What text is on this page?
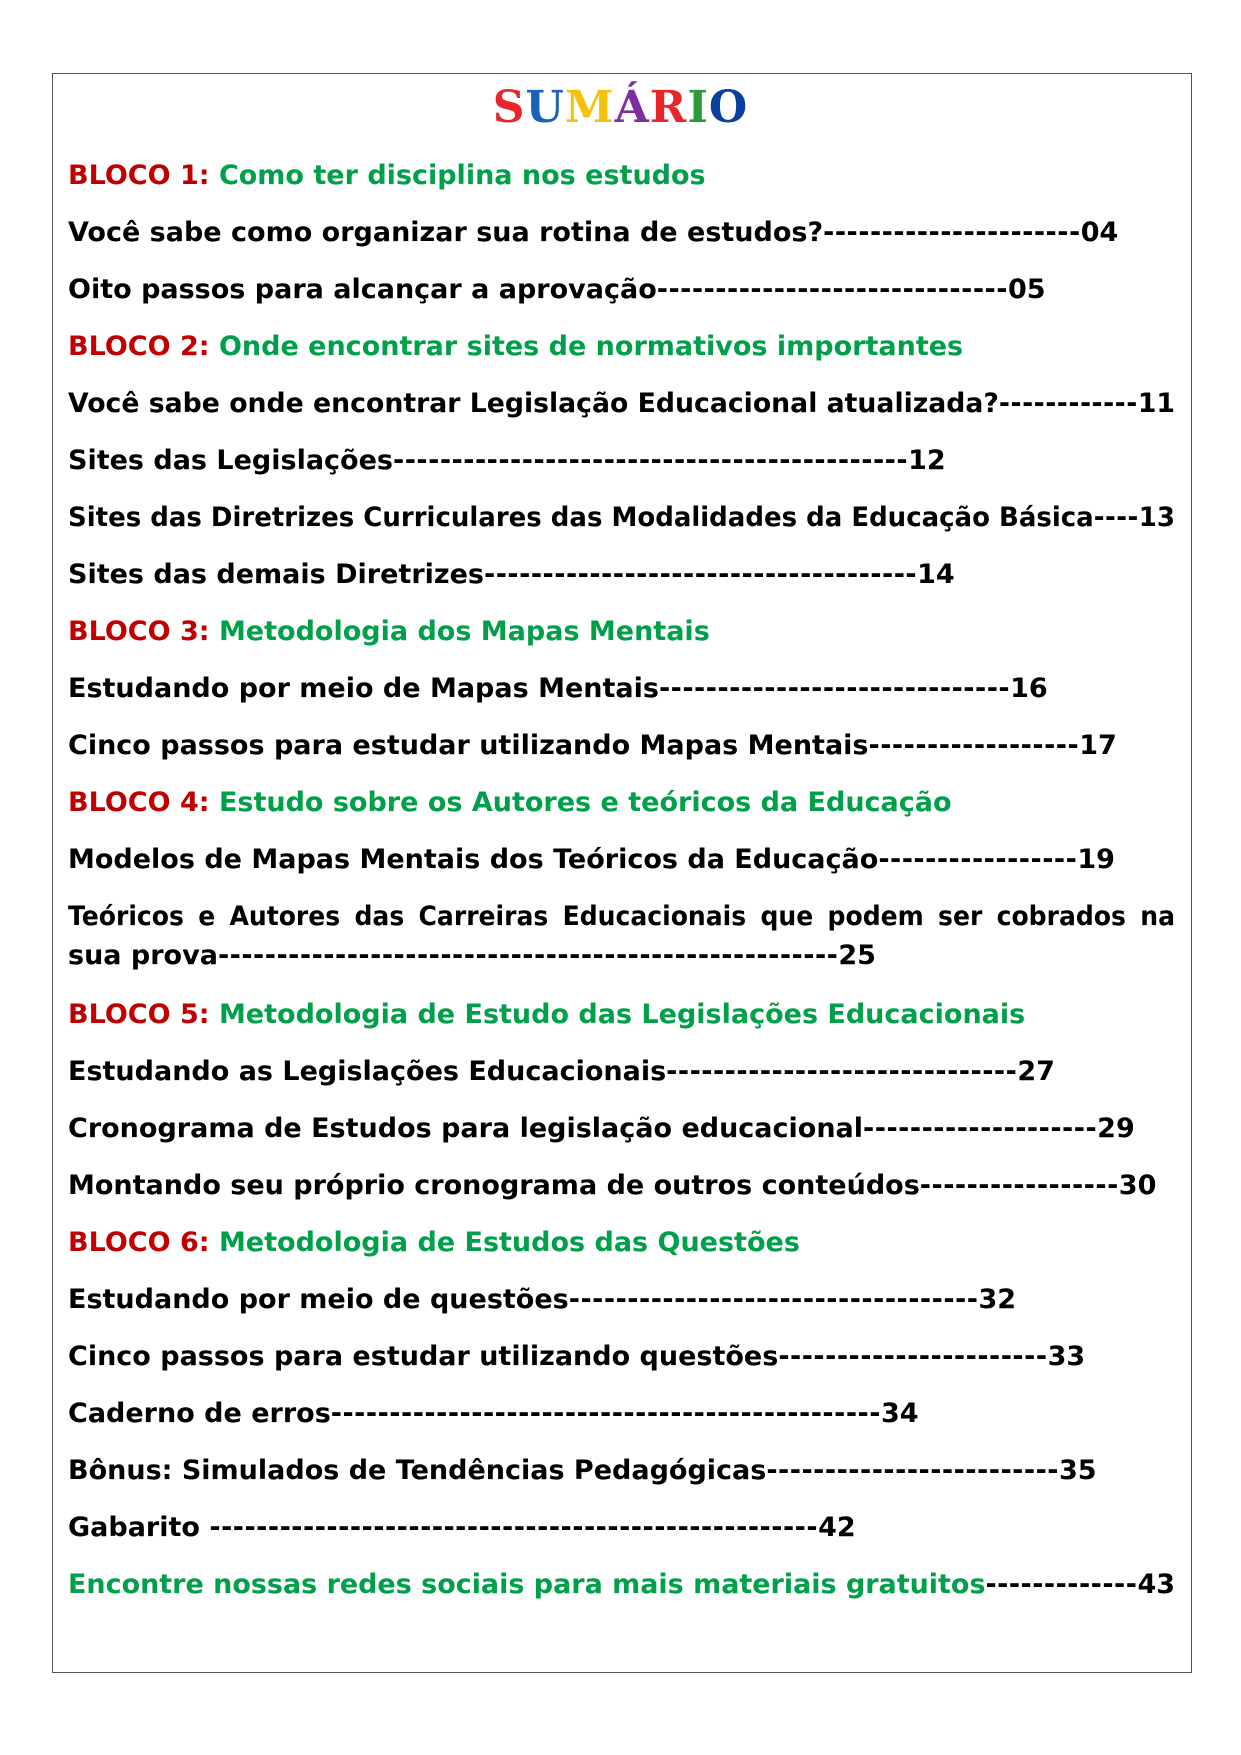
SUMÁRIO
BLOCO 1: Como ter disciplina nos estudos
Você sabe como organizar sua rotina de estudos?----------------------04
Oito passos para alcançar a aprovação------------------------------05
BLOCO 2: Onde encontrar sites de normativos importantes
Você sabe onde encontrar Legislação Educacional atualizada?------------11
Sites das Legislações--------------------------------------------12
Sites das Diretrizes Curriculares das Modalidades da Educação Básica----13
Sites das demais Diretrizes-------------------------------------14
BLOCO 3: Metodologia dos Mapas Mentais
Estudando por meio de Mapas Mentais------------------------------16
Cinco passos para estudar utilizando Mapas Mentais------------------17
BLOCO 4: Estudo sobre os Autores e teóricos da Educação
Modelos de Mapas Mentais dos Teóricos da Educação-----------------19
Teóricos e Autores das Carreiras Educacionais que podem ser cobrados na
sua prova-----------------------------------------------------25
BLOCO 5: Metodologia de Estudo das Legislações Educacionais
Estudando as Legislações Educacionais------------------------------27
Cronograma de Estudos para legislação educacional--------------------29
Montando seu próprio cronograma de outros conteúdos-----------------30
BLOCO 6: Metodologia de Estudos das Questões
Estudando por meio de questões-----------------------------------32
Cinco passos para estudar utilizando questões-----------------------33
Caderno de erros-----------------------------------------------34
Bônus: Simulados de Tendências Pedagógicas-------------------------35
Gabarito ----------------------------------------------------42
Encontre nossas redes sociais para mais materiais gratuitos-------------43
